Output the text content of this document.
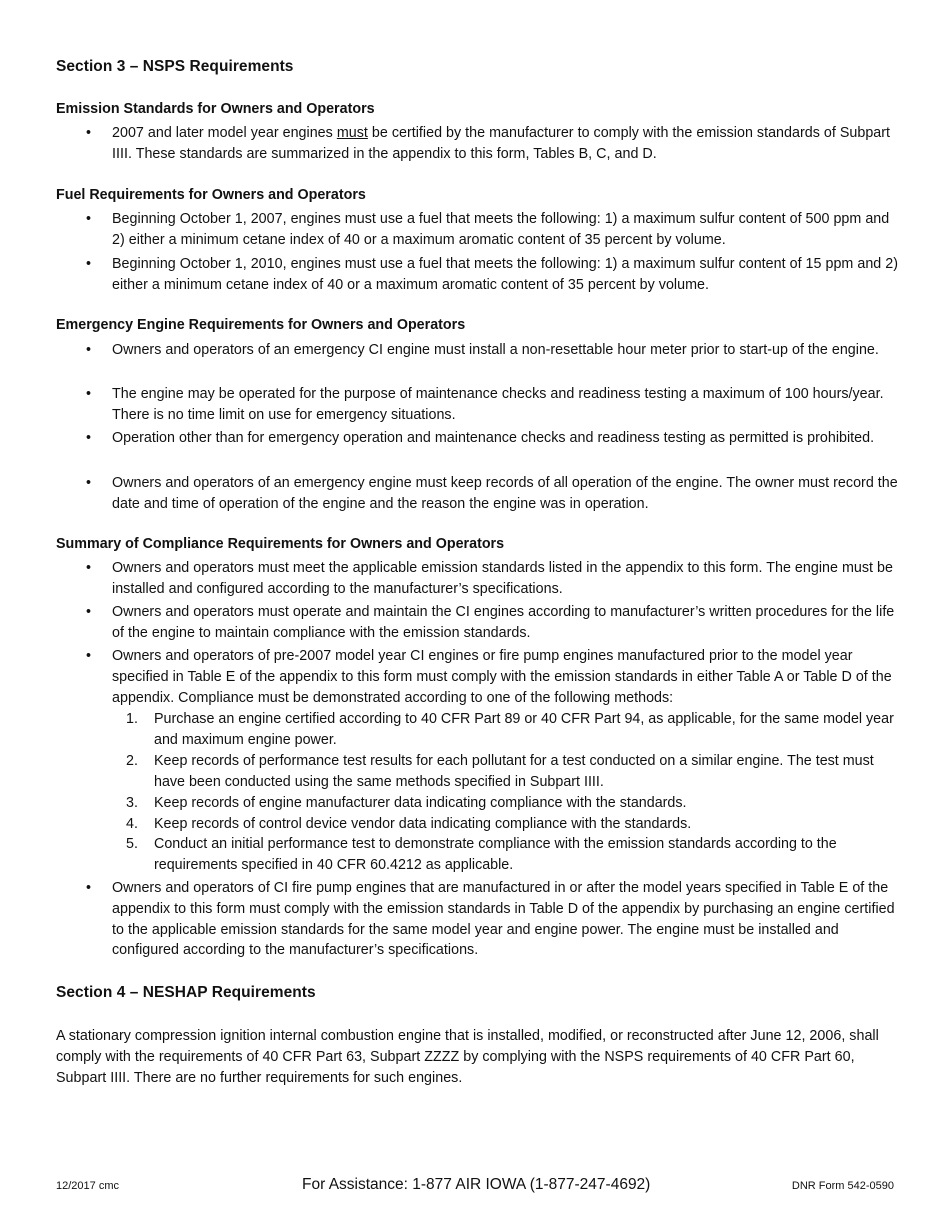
Section 3 – NSPS Requirements
Emission Standards for Owners and Operators
•	2007 and later model year engines must be certified by the manufacturer to comply with the emission standards of Subpart IIII. These standards are summarized in the appendix to this form, Tables B, C, and D.
Fuel Requirements for Owners and Operators
•	Beginning October 1, 2007, engines must use a fuel that meets the following: 1) a maximum sulfur content of 500 ppm and 2) either a minimum cetane index of 40 or a maximum aromatic content of 35 percent by volume.
•	Beginning October 1, 2010, engines must use a fuel that meets the following: 1) a maximum sulfur content of 15 ppm and 2) either a minimum cetane index of 40 or a maximum aromatic content of 35 percent by volume.
Emergency Engine Requirements for Owners and Operators
•	Owners and operators of an emergency CI engine must install a non-resettable hour meter prior to start-up of the engine.
•	The engine may be operated for the purpose of maintenance checks and readiness testing a maximum of 100 hours/year. There is no time limit on use for emergency situations.
•	Operation other than for emergency operation and maintenance checks and readiness testing as permitted is prohibited.
•	Owners and operators of an emergency engine must keep records of all operation of the engine. The owner must record the date and time of operation of the engine and the reason the engine was in operation.
Summary of Compliance Requirements for Owners and Operators
•	Owners and operators must meet the applicable emission standards listed in the appendix to this form. The engine must be installed and configured according to the manufacturer’s specifications.
•	Owners and operators must operate and maintain the CI engines according to manufacturer’s written procedures for the life of the engine to maintain compliance with the emission standards.
•	Owners and operators of pre-2007 model year CI engines or fire pump engines manufactured prior to the model year specified in Table E of the appendix to this form must comply with the emission standards in either Table A or Table D of the appendix. Compliance must be demonstrated according to one of the following methods:
1.	Purchase an engine certified according to 40 CFR Part 89 or 40 CFR Part 94, as applicable, for the same model year and maximum engine power.
2.	Keep records of performance test results for each pollutant for a test conducted on a similar engine. The test must have been conducted using the same methods specified in Subpart IIII.
3.	Keep records of engine manufacturer data indicating compliance with the standards.
4.	Keep records of control device vendor data indicating compliance with the standards.
5.	Conduct an initial performance test to demonstrate compliance with the emission standards according to the requirements specified in 40 CFR 60.4212 as applicable.
•	Owners and operators of CI fire pump engines that are manufactured in or after the model years specified in Table E of the appendix to this form must comply with the emission standards in Table D of the appendix by purchasing an engine certified to the applicable emission standards for the same model year and engine power. The engine must be installed and configured according to the manufacturer’s specifications.
Section 4 – NESHAP Requirements

A stationary compression ignition internal combustion engine that is installed, modified, or reconstructed after June 12, 2006, shall comply with the requirements of 40 CFR Part 63, Subpart ZZZZ by complying with the NSPS requirements of 40 CFR Part 60, Subpart IIII. There are no further requirements for such engines.

12/2017 cmc	For Assistance: 1-877 AIR IOWA (1-877-247-4692)	DNR Form 542-0590
